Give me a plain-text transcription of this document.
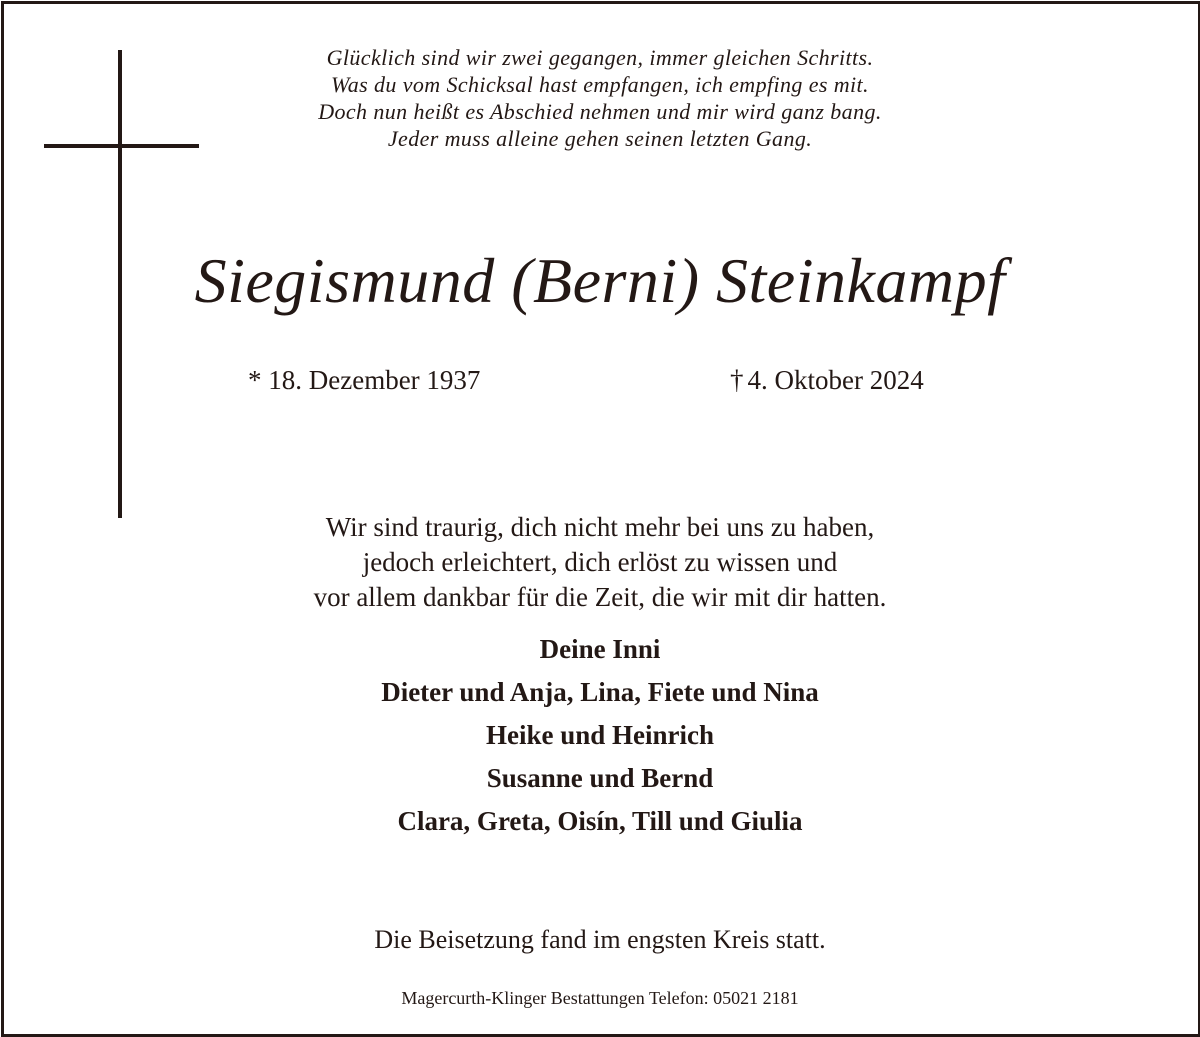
Glücklich sind wir zwei gegangen, immer gleichen Schritts.
Was du vom Schicksal hast empfangen, ich empfing es mit.
Doch nun heißt es Abschied nehmen und mir wird ganz bang.
Jeder muss alleine gehen seinen letzten Gang.
Siegismund (Berni) Steinkampf
* 18. Dezember 1937	† 4. Oktober 2024
Wir sind traurig, dich nicht mehr bei uns zu haben,
jedoch erleichtert, dich erlöst zu wissen und
vor allem dankbar für die Zeit, die wir mit dir hatten.
Deine Inni
Dieter und Anja, Lina, Fiete und Nina
Heike und Heinrich
Susanne und Bernd
Clara, Greta, Oisín, Till und Giulia
Die Beisetzung fand im engsten Kreis statt.
Magercurth-Klinger Bestattungen Telefon: 05021 2181
